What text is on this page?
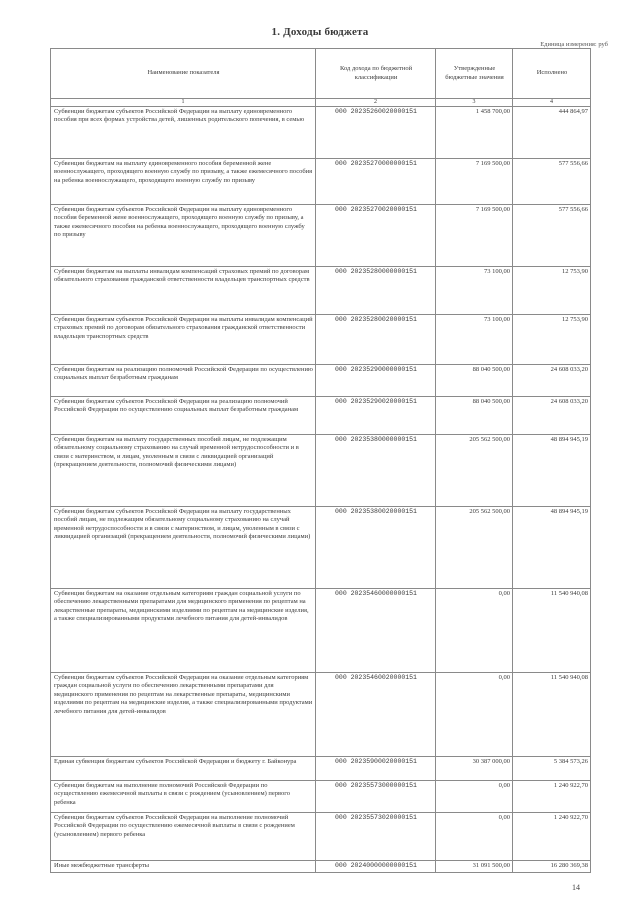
1. Доходы бюджета
Единица измерения: руб
Наименование показателя	Код дохода по бюджетной классификации	Утвержденные бюджетные значения	Исполнено
1	2	3	4
Субвенции бюджетам субъектов Российской Федерации на выплату единовременного пособия при всех формах устройства детей, лишенных родительского попечения, в семью	000 20235260020000151	1 458 700,00	444 864,97
Субвенции бюджетам на выплату единовременного пособия беременной жене военнослужащего, проходящего военную службу по призыву, а также ежемесячного пособия на ребенка военнослужащего, проходящего военную службу по призыву	000 20235270000000151	7 169 500,00	577 556,66
Субвенции бюджетам субъектов Российской Федерации на выплату единовременного пособия беременной жене военнослужащего, проходящего военную службу по призыву, а также ежемесячного пособия на ребенка военнослужащего, проходящего военную службу по призыву	000 20235270020000151	7 169 500,00	577 556,66
Субвенции бюджетам на выплаты инвалидам компенсаций страховых премий по договорам обязательного страхования гражданской ответственности владельцев транспортных средств	000 20235280000000151	73 100,00	12 753,90
Субвенции бюджетам субъектов Российской Федерации на выплаты инвалидам компенсаций страховых премий по договорам обязательного страхования гражданской ответственности владельцев транспортных средств	000 20235280020000151	73 100,00	12 753,90
Субвенции бюджетам на реализацию полномочий Российской Федерации по осуществлению социальных выплат безработным гражданам	000 20235290000000151	88 040 500,00	24 608 033,20
Субвенции бюджетам субъектов Российской Федерации на реализацию полномочий Российской Федерации по осуществлению социальных выплат безработным гражданам	000 20235290020000151	88 040 500,00	24 608 033,20
Субвенции бюджетам на выплату государственных пособий лицам, не подлежащим обязательному социальному страхованию на случай временной нетрудоспособности и в связи с материнством, и лицам, уволенным в связи с ликвидацией организаций (прекращением деятельности, полномочий физическими лицами)	000 20235380000000151	205 562 500,00	48 894 945,19
Субвенции бюджетам субъектов Российской Федерации на выплату государственных пособий лицам, не подлежащим обязательному социальному страхованию на случай временной нетрудоспособности и в связи с материнством, и лицам, уволенным в связи с ликвидацией организаций (прекращением деятельности, полномочий физическими лицами)	000 20235380020000151	205 562 500,00	48 894 945,19
Субвенции бюджетам на оказание отдельным категориям граждан социальной услуги по обеспечению лекарственными препаратами для медицинского применения по рецептам на лекарственные препараты, медицинскими изделиями по рецептам на медицинские изделия, а также специализированными продуктами лечебного питания для детей-инвалидов	000 20235460000000151	0,00	11 540 940,08
Субвенции бюджетам субъектов Российской Федерации на оказание отдельным категориям граждан социальной услуги по обеспечению лекарственными препаратами для медицинского применения по рецептам на лекарственные препараты, медицинскими изделиями по рецептам на медицинские изделия, а также специализированными продуктами лечебного питания для детей-инвалидов	000 20235460020000151	0,00	11 540 940,08
Единая субвенция бюджетам субъектов Российской Федерации и бюджету г. Байконура	000 20235900020000151	30 387 000,00	5 384 573,26
Субвенции бюджетам на выполнение полномочий Российской Федерации по осуществлению ежемесячной выплаты в связи с рождением (усыновлением) первого ребенка	000 20235573000000151	0,00	1 240 922,70
Субвенции бюджетам субъектов Российской Федерации на выполнение полномочий Российской Федерации по осуществлению ежемесячной выплаты в связи с рождением (усыновлением) первого ребенка	000 20235573020000151	0,00	1 240 922,70
Иные межбюджетные трансферты	000 20240000000000151	31 091 500,00	16 280 369,38
14
